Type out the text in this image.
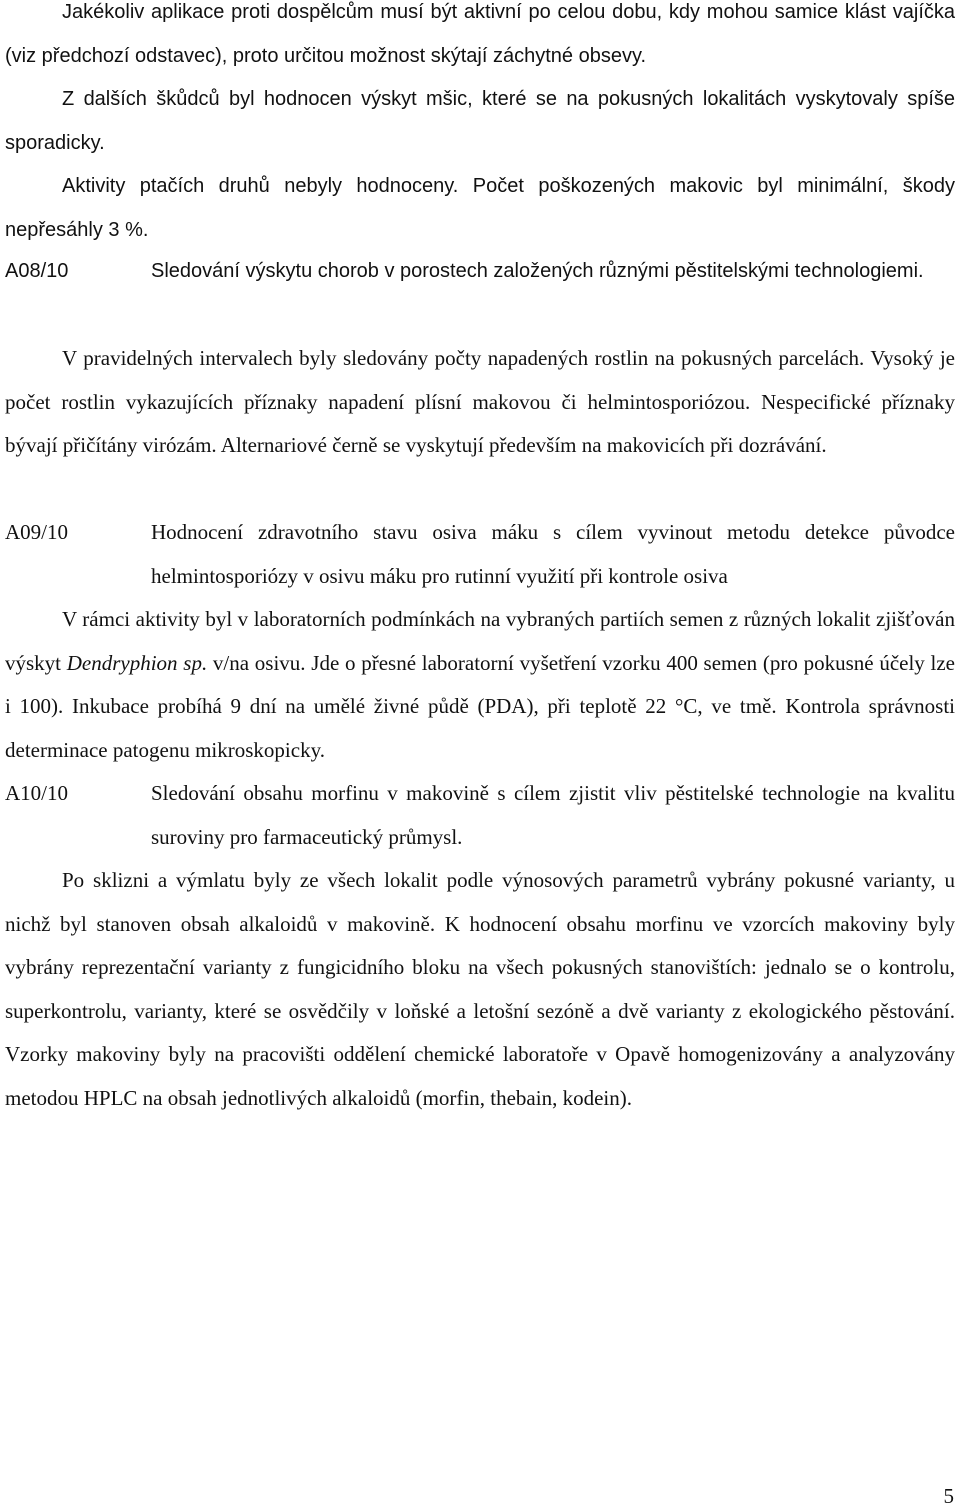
Jakékoliv aplikace proti dospělcům musí být aktivní po celou dobu, kdy mohou samice klást vajíčka (viz předchozí odstavec), proto určitou možnost skýtají záchytné obsevy.

Z dalších škůdců byl hodnocen výskyt mšic, které se na pokusných lokalitách vyskytovaly spíše sporadicky.

Aktivity ptačích druhů nebyly hodnoceny. Počet poškozených makovic byl minimální, škody nepřesáhly 3 %.

A08/10	Sledování výskytu chorob v porostech založených různými pěstitelskými technologiemi.

V pravidelných intervalech byly sledovány počty napadených rostlin na pokusných parcelách. Vysoký je počet rostlin vykazujících příznaky napadení plísní makovou či helmintosporiózou. Nespecifické příznaky bývají přičítány virózám. Alternariové černě se vyskytují především na makovicích při dozrávání.

A09/10	Hodnocení zdravotního stavu osiva máku s cílem vyvinout metodu detekce původce helmintosporiózy v osivu máku pro rutinní využití při kontrole osiva

V rámci aktivity byl v laboratorních podmínkách na vybraných partiích semen z různých lokalit zjišťován výskyt Dendryphion sp. v/na osivu. Jde o přesné laboratorní vyšetření vzorku 400 semen (pro pokusné účely lze i 100). Inkubace probíhá 9 dní na umělé živné půdě (PDA), při teplotě 22 °C, ve tmě. Kontrola správnosti determinace patogenu mikroskopicky.

A10/10	Sledování obsahu morfinu v makovině s cílem zjistit vliv pěstitelské technologie na kvalitu suroviny pro farmaceutický průmysl.

Po sklizni a výmlatu byly ze všech lokalit podle výnosových parametrů vybrány pokusné varianty, u nichž byl stanoven obsah alkaloidů v makovině. K hodnocení obsahu morfinu ve vzorcích makoviny byly vybrány reprezentační varianty z fungicidního bloku na všech pokusných stanovištích: jednalo se o kontrolu, superkontrolu, varianty, které se osvědčily v loňské a letošní sezóně a dvě varianty z ekologického pěstování. Vzorky makoviny byly na pracovišti oddělení chemické laboratoře v Opavě homogenizovány a analyzovány metodou HPLC na obsah jednotlivých alkaloidů (morfin, thebain, kodein).

5
